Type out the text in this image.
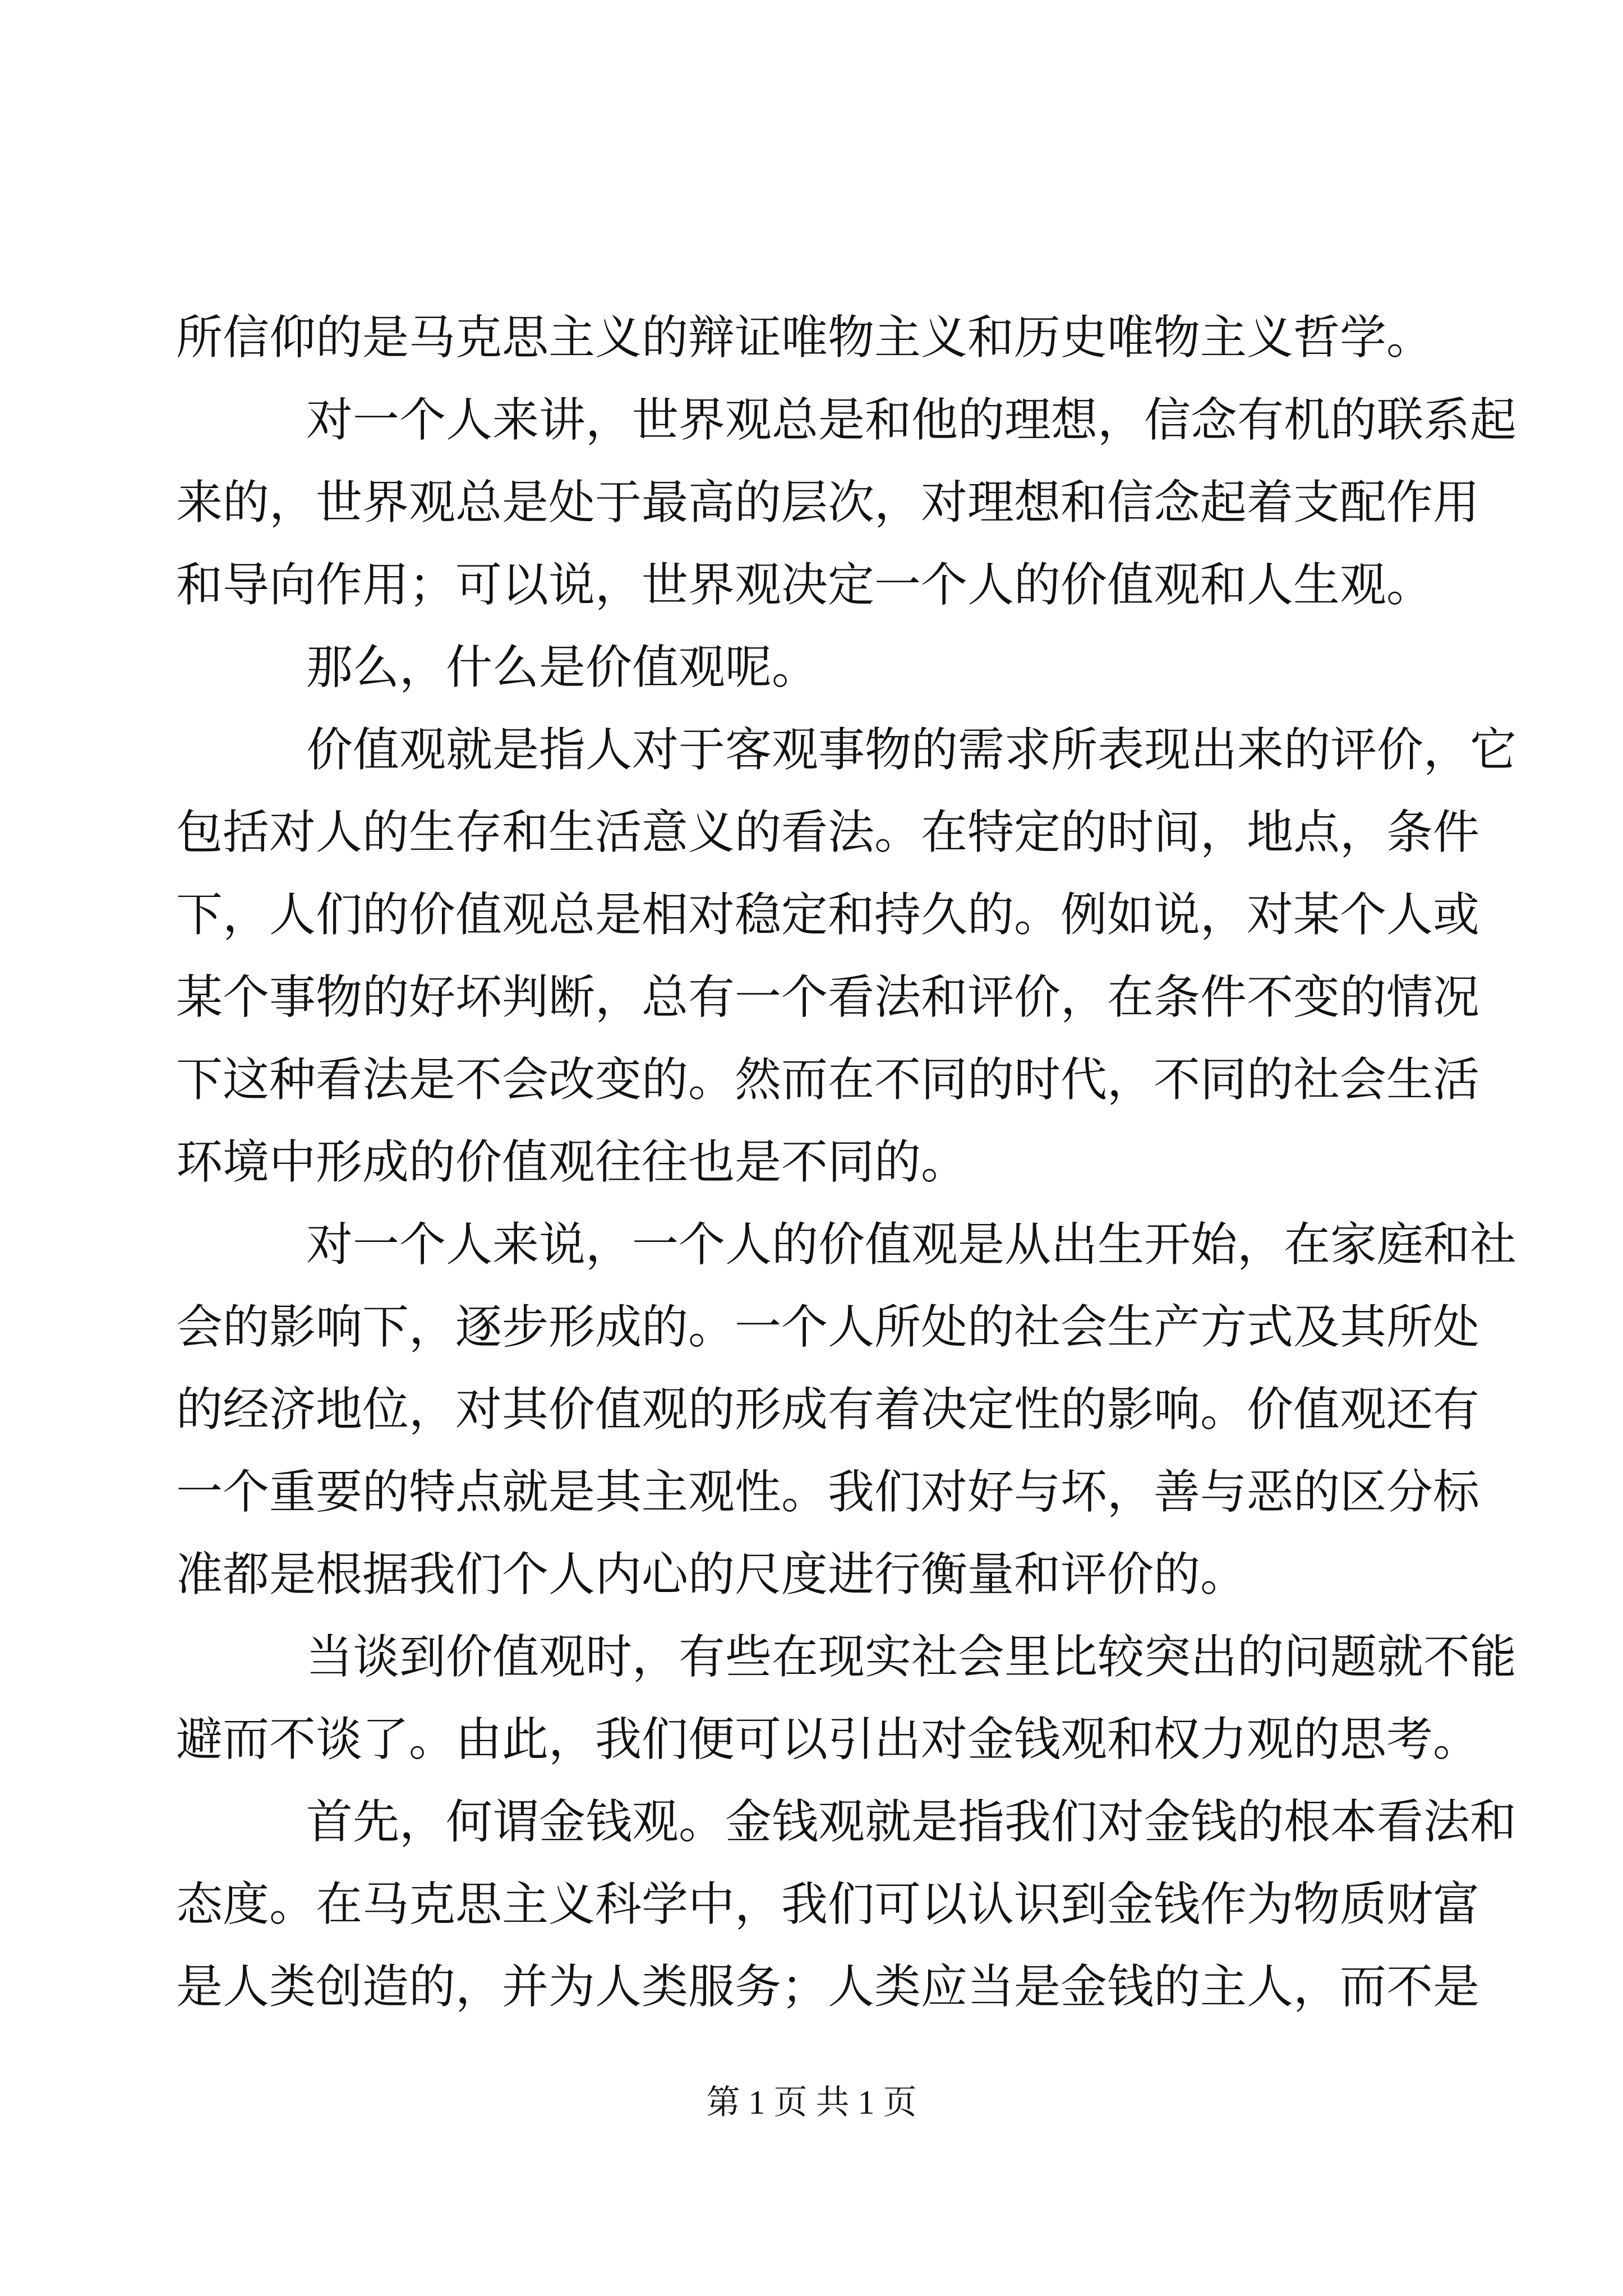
所信仰的是马克思主义的辩证唯物主义和历史唯物主义哲学。
对一个人来讲，世界观总是和他的理想，信念有机的联系起
来的，世界观总是处于最高的层次，对理想和信念起着支配作用
和导向作用；可以说，世界观决定一个人的价值观和人生观。
那么，什么是价值观呢。
价值观就是指人对于客观事物的需求所表现出来的评价，它
包括对人的生存和生活意义的看法。在特定的时间，地点，条件
下，人们的价值观总是相对稳定和持久的。例如说，对某个人或
某个事物的好坏判断，总有一个看法和评价，在条件不变的情况
下这种看法是不会改变的。然而在不同的时代，不同的社会生活
环境中形成的价值观往往也是不同的。
对一个人来说，一个人的价值观是从出生开始，在家庭和社
会的影响下，逐步形成的。一个人所处的社会生产方式及其所处
的经济地位，对其价值观的形成有着决定性的影响。价值观还有
一个重要的特点就是其主观性。我们对好与坏，善与恶的区分标
准都是根据我们个人内心的尺度进行衡量和评价的。
当谈到价值观时，有些在现实社会里比较突出的问题就不能
避而不谈了。由此，我们便可以引出对金钱观和权力观的思考。
首先，何谓金钱观。金钱观就是指我们对金钱的根本看法和
态度。在马克思主义科学中，我们可以认识到金钱作为物质财富
是人类创造的，并为人类服务；人类应当是金钱的主人，而不是
第 1 页 共 1 页
